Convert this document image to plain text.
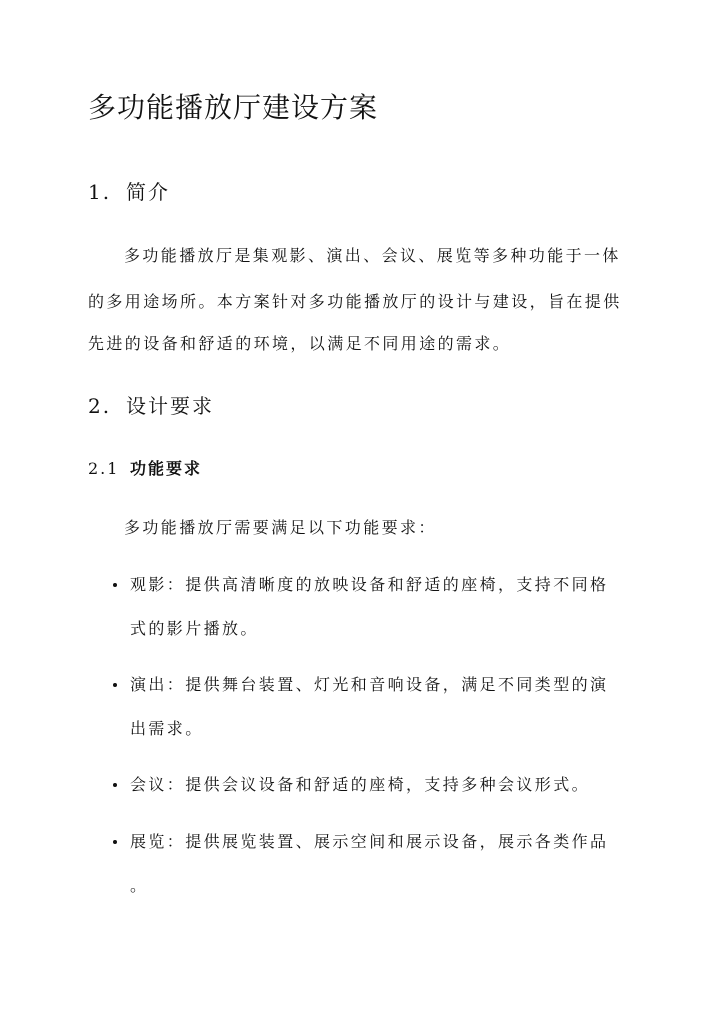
多功能播放厅建设方案
1. 简介

多功能播放厅是集观影、演出、会议、展览等多种功能于一体

的多用途场所。本方案针对多功能播放厅的设计与建设，旨在提供

先进的设备和舒适的环境，以满足不同用途的需求。

2. 设计要求
2.1 功能要求

多功能播放厅需要满足以下功能要求：

观影：提供高清晰度的放映设备和舒适的座椅，支持不同格

式的影片播放。

演出：提供舞台装置、灯光和音响设备，满足不同类型的演

出需求。

会议：提供会议设备和舒适的座椅，支持多种会议形式。

展览：提供展览装置、展示空间和展示设备，展示各类作品

。
